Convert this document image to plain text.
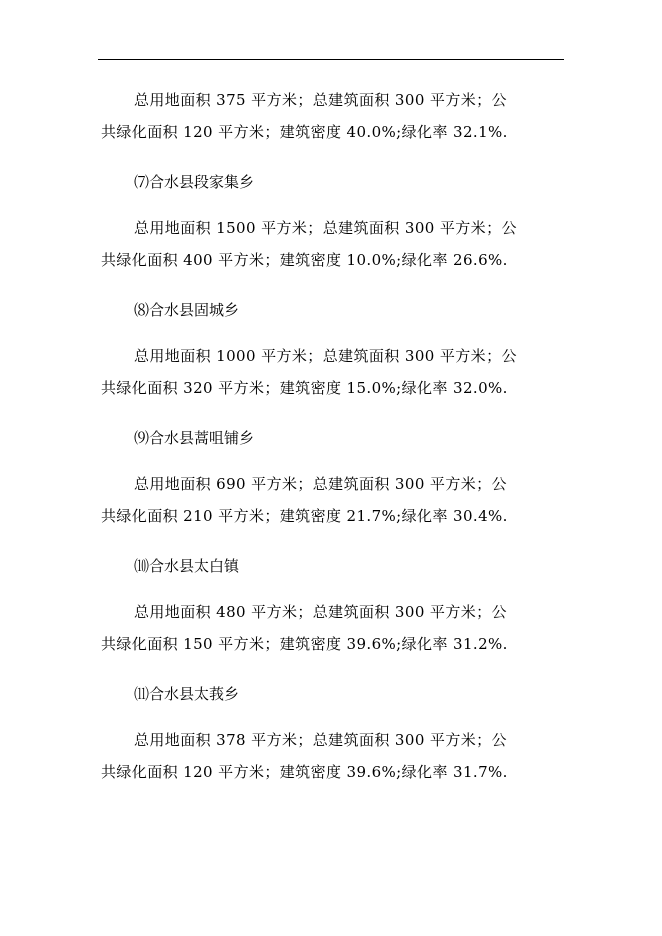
总用地面积 375 平方米；总建筑面积 300 平方米；公
共绿化面积 120 平方米；建筑密度 40.0%;绿化率 32.1%.

⑺合水县段家集乡

总用地面积 1500 平方米；总建筑面积 300 平方米；公
共绿化面积 400 平方米；建筑密度 10.0%;绿化率 26.6%.

⑻合水县固城乡

总用地面积 1000 平方米；总建筑面积 300 平方米；公
共绿化面积 320 平方米；建筑密度 15.0%;绿化率 32.0%.

⑼合水县蒿咀铺乡

总用地面积 690 平方米；总建筑面积 300 平方米；公
共绿化面积 210 平方米；建筑密度 21.7%;绿化率 30.4%.

⑽合水县太白镇

总用地面积 480 平方米；总建筑面积 300 平方米；公
共绿化面积 150 平方米；建筑密度 39.6%;绿化率 31.2%.

⑾合水县太莪乡

总用地面积 378 平方米；总建筑面积 300 平方米；公
共绿化面积 120 平方米；建筑密度 39.6%;绿化率 31.7%.
